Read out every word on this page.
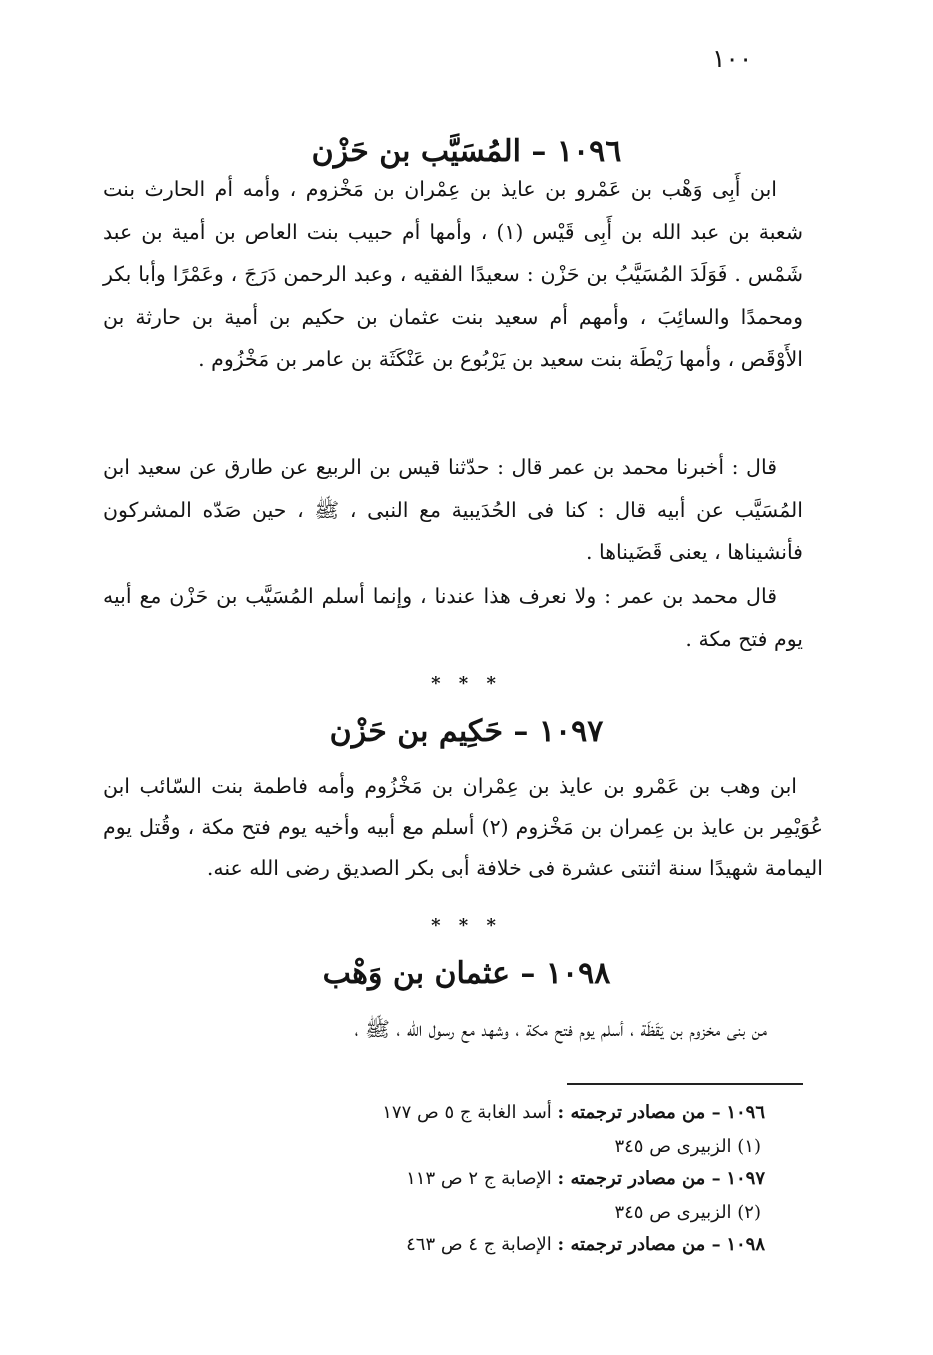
١٠٠
١٠٩٦ – المُسَيَّب بن حَزْن

ابن أَبِى وَهْب بن عَمْرو بن عايذ بن عِمْران بن مَخْزوم ، وأمه أم الحارث بنت شعبة بن عبد الله بن أَبِى قَيْس (١) ، وأمها أم حبيب بنت العاص بن أمية بن عبد شَمْس . فَوَلَدَ المُسَيَّبُ بن حَزْن : سعيدًا الفقيه ، وعبد الرحمن دَرَجَ ، وعَمْرًا وأبا بكر ومحمدًا والسائِبَ ، وأمهم أم سعيد بنت عثمان بن حكيم بن أمية بن حارثة بن الأَوْقَص ، وأمها رَيْطَة بنت سعيد بن يَرْبُوع بن عَنْكَثَة بن عامر بن مَخْزُوم .

قال : أخبرنا محمد بن عمر قال : حدّثنا قيس بن الربيع عن طارق عن سعيد ابن المُسَيَّب عن أبيه قال : كنا فى الحُدَيبية مع النبى ، ﷺ ، حين صَدّه المشركون فأنشيناها ، يعنى قَضَيناها .

قال محمد بن عمر : ولا نعرف هذا عندنا ، وإنما أسلم المُسَيَّب بن حَزْن مع أبيه يوم فتح مكة .

* * *
١٠٩٧ – حَكِيم بن حَزْن

ابن وهب بن عَمْرو بن عايذ بن عِمْران بن مَخْزُوم وأمه فاطمة بنت السّائب ابن عُوَيْمِر بن عايذ بن عِمران بن مَخْزوم (٢) أسلم مع أبيه وأخيه يوم فتح مكة ، وقُتل يوم اليمامة شهيدًا سنة اثنتى عشرة فى خلافة أبى بكر الصديق رضى الله عنه.

* * *
١٠٩٨ – عثمان بن وَهْب

من بنى مخزوم بن يَقَظَة ، أسلم يوم فتح مكة ، وشهد مع رسول الله ، ﷺ ،

١٠٩٦ – من مصادر ترجمته : أسد الغابة ج ٥ ص ١٧٧
(١) الزبيرى ص ٣٤٥
١٠٩٧ – من مصادر ترجمته : الإصابة ج ٢ ص ١١٣
(٢) الزبيرى ص ٣٤٥
١٠٩٨ – من مصادر ترجمته : الإصابة ج ٤ ص ٤٦٣
